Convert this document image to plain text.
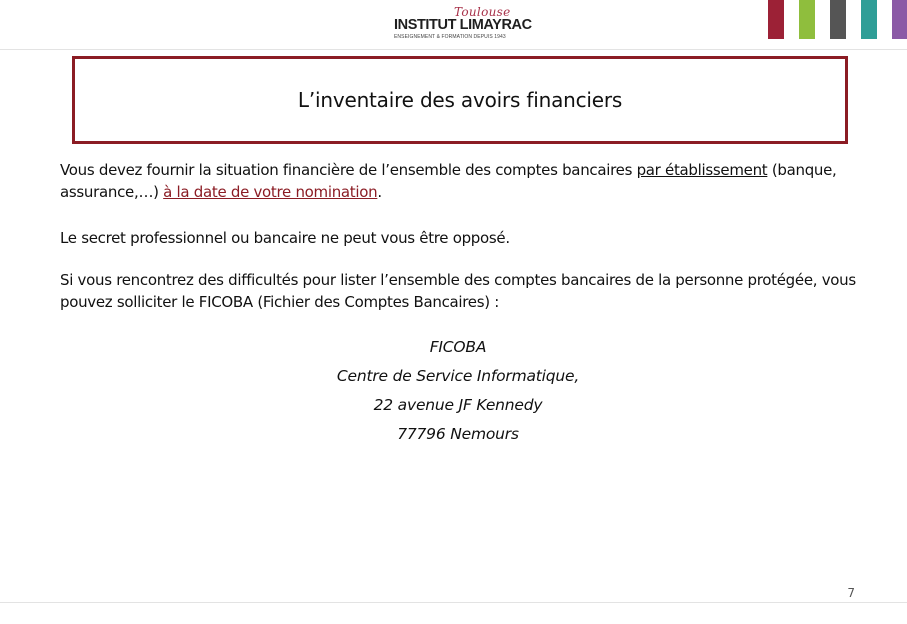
Toulouse
INSTITUT LIMAYRAC
ENSEIGNEMENT & FORMATION DEPUIS 1943
L’inventaire des avoirs financiers
Vous devez fournir la situation financière de l’ensemble des comptes bancaires par établissement (banque, assurance,…) à la date de votre nomination.
Le secret professionnel ou bancaire ne peut vous être opposé.
Si vous rencontrez des difficultés pour lister l’ensemble des comptes bancaires de la personne protégée, vous pouvez solliciter le FICOBA (Fichier des Comptes Bancaires) :
FICOBA
Centre de Service Informatique,
22 avenue JF Kennedy
77796 Nemours
7
